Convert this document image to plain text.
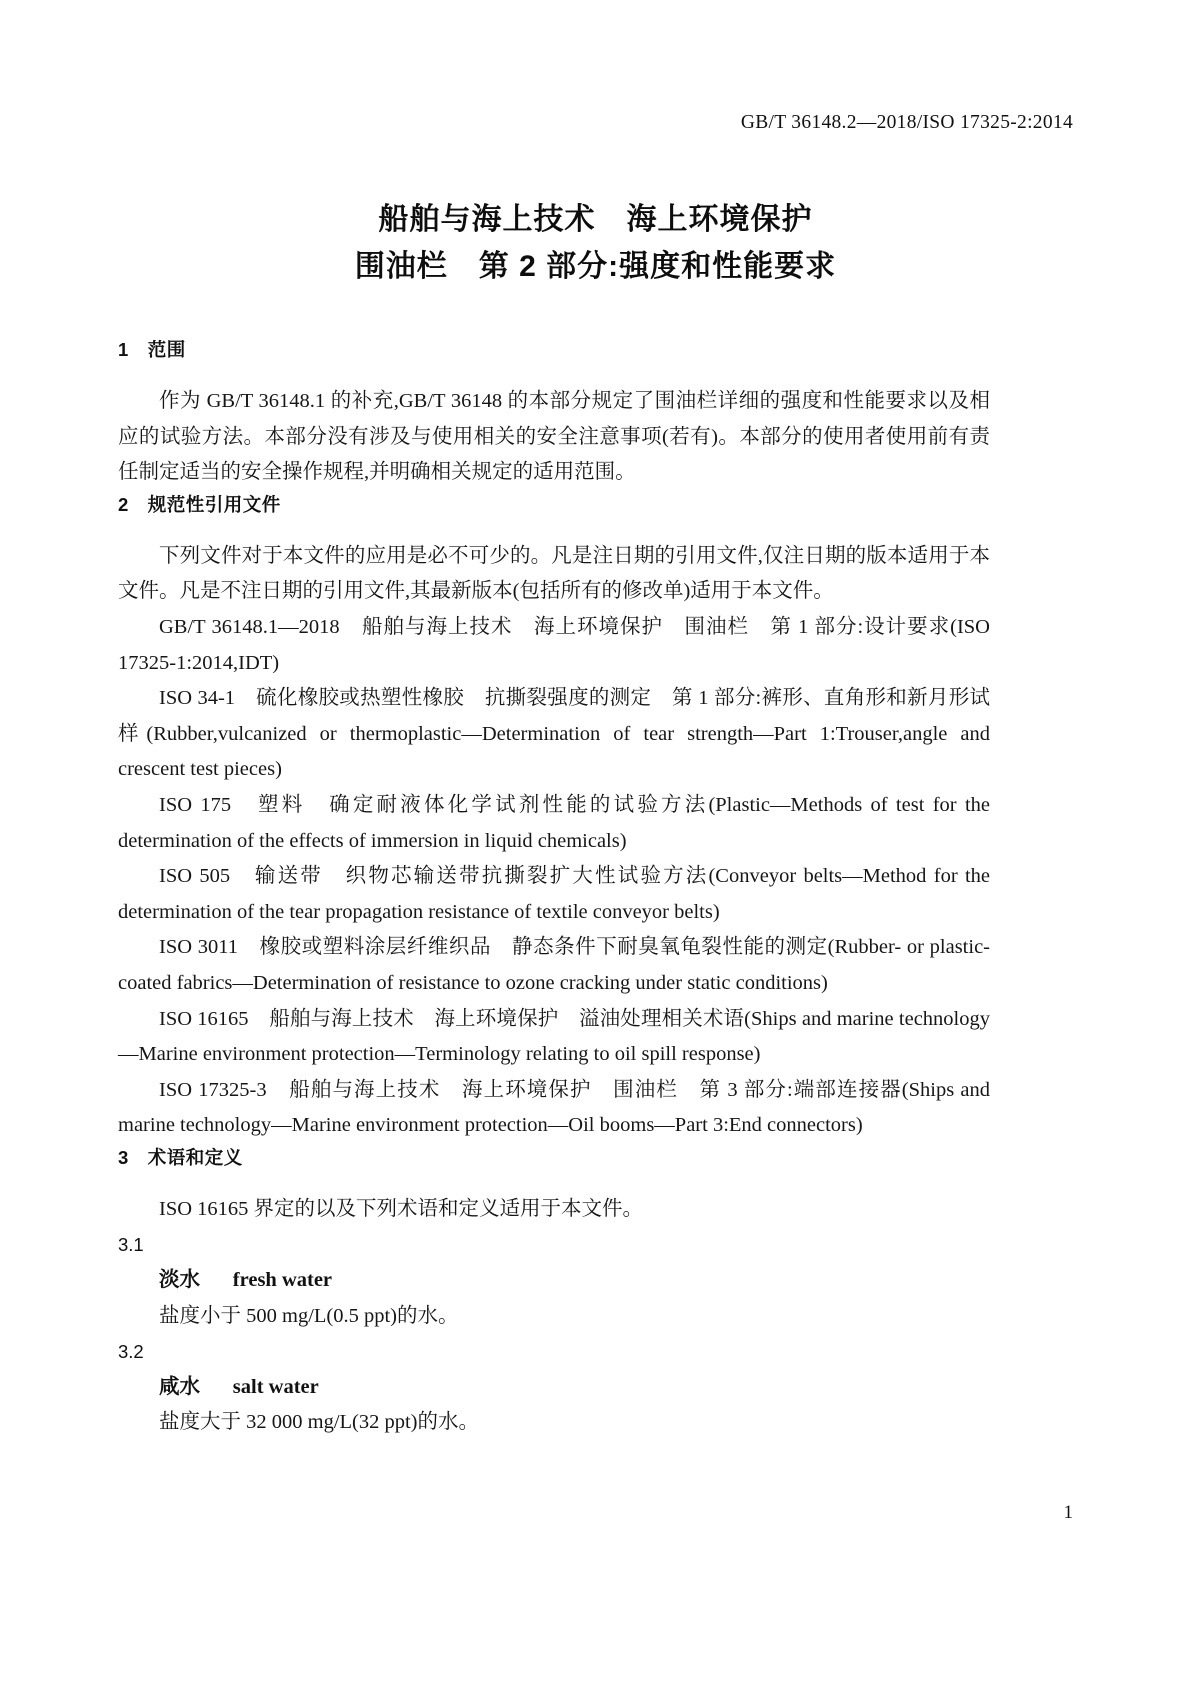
GB/T 36148.2—2018/ISO 17325-2:2014
船舶与海上技术　海上环境保护
围油栏　第 2 部分:强度和性能要求
1　范围

作为 GB/T 36148.1 的补充,GB/T 36148 的本部分规定了围油栏详细的强度和性能要求以及相应的试验方法。本部分没有涉及与使用相关的安全注意事项(若有)。本部分的使用者使用前有责任制定适当的安全操作规程,并明确相关规定的适用范围。

2　规范性引用文件

下列文件对于本文件的应用是必不可少的。凡是注日期的引用文件,仅注日期的版本适用于本文件。凡是不注日期的引用文件,其最新版本(包括所有的修改单)适用于本文件。

GB/T 36148.1—2018　船舶与海上技术　海上环境保护　围油栏　第 1 部分:设计要求(ISO 17325-1:2014,IDT)

ISO 34-1　硫化橡胶或热塑性橡胶　抗撕裂强度的测定　第 1 部分:裤形、直角形和新月形试样(Rubber,vulcanized or thermoplastic—Determination of tear strength—Part 1:Trouser,angle and crescent test pieces)

ISO 175　塑料　确定耐液体化学试剂性能的试验方法(Plastic—Methods of test for the determination of the effects of immersion in liquid chemicals)

ISO 505　输送带　织物芯输送带抗撕裂扩大性试验方法(Conveyor belts—Method for the determination of the tear propagation resistance of textile conveyor belts)

ISO 3011　橡胶或塑料涂层纤维织品　静态条件下耐臭氧龟裂性能的测定(Rubber- or plastic-coated fabrics—Determination of resistance to ozone cracking under static conditions)

ISO 16165　船舶与海上技术　海上环境保护　溢油处理相关术语(Ships and marine technology—Marine environment protection—Terminology relating to oil spill response)

ISO 17325-3　船舶与海上技术　海上环境保护　围油栏　第 3 部分:端部连接器(Ships and marine technology—Marine environment protection—Oil booms—Part 3:End connectors)

3　术语和定义

ISO 16165 界定的以及下列术语和定义适用于本文件。

3.1

淡水 fresh water

盐度小于 500 mg/L(0.5 ppt)的水。

3.2

咸水 salt water

盐度大于 32 000 mg/L(32 ppt)的水。

1
